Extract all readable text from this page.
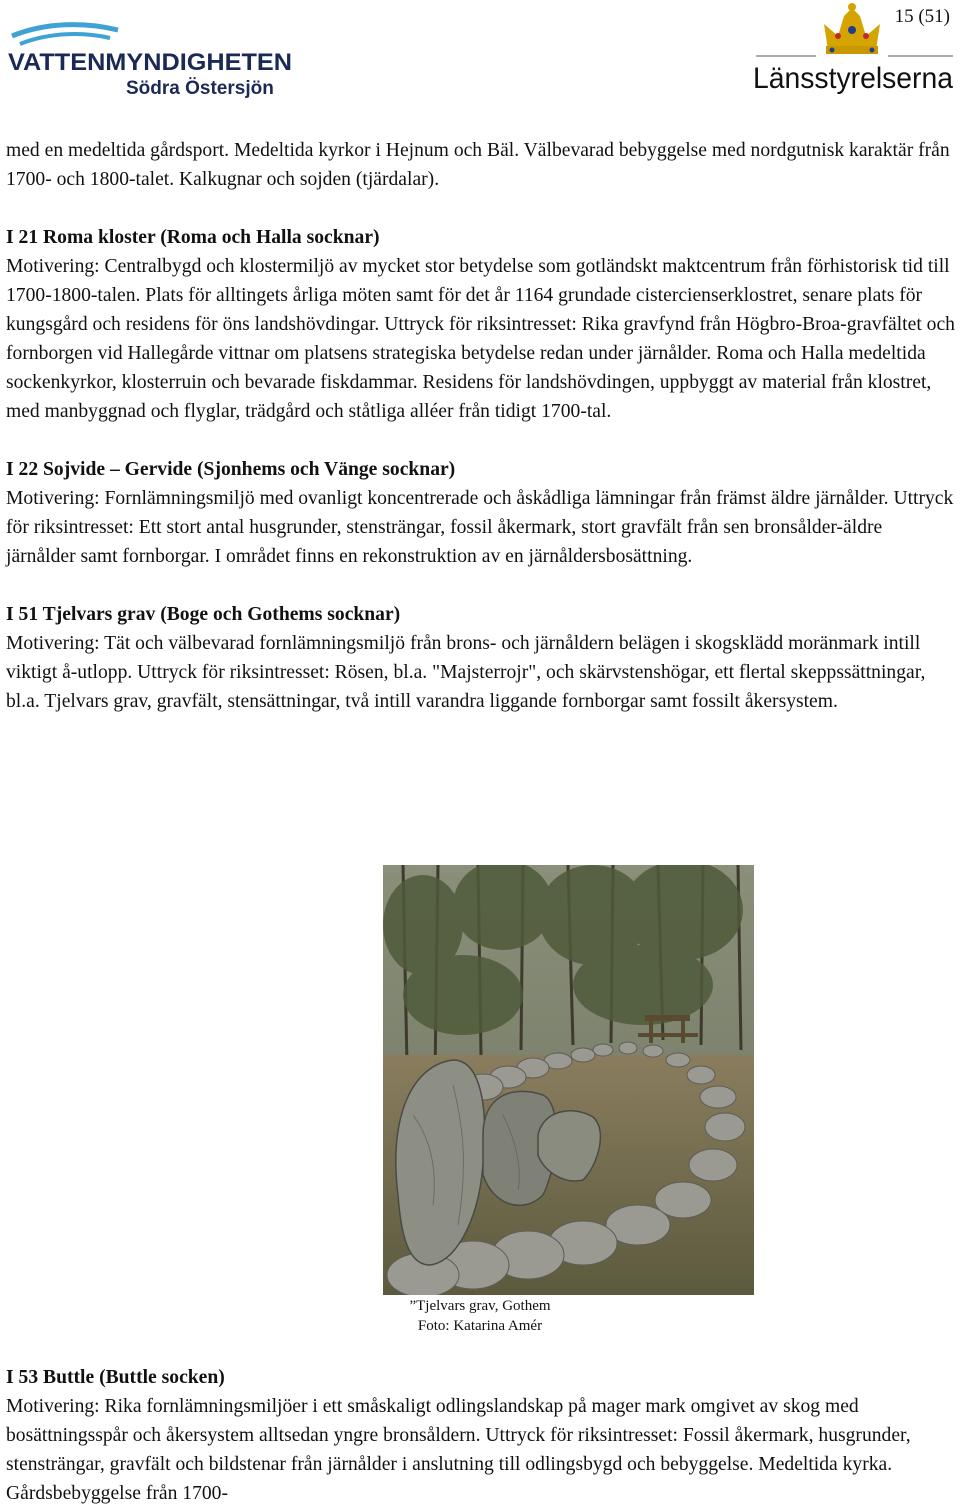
VATTENMYNDIGHETEN
Södra Östersjön
15 (51)
Länsstyrelserna

med en medeltida gårdsport. Medeltida kyrkor i Hejnum och Bäl. Välbevarad bebyggelse med nordgutnisk karaktär från 1700- och 1800-talet. Kalkugnar och sojden (tjärdalar).

I 21 Roma kloster (Roma och Halla socknar)
Motivering: Centralbygd och klostermiljö av mycket stor betydelse som gotländskt maktcentrum från förhistorisk tid till 1700-1800-talen. Plats för alltingets årliga möten samt för det år 1164 grundade cistercienserklostret, senare plats för kungsgård och residens för öns landshövdingar. Uttryck för riksintresset: Rika gravfynd från Högbro-Broa-gravfältet och fornborgen vid Hallegårde vittnar om platsens strategiska betydelse redan under järnålder. Roma och Halla medeltida sockenkyrkor, klosterruin och bevarade fiskdammar. Residens för landshövdingen, uppbyggt av material från klostret, med manbyggnad och flyglar, trädgård och ståtliga alléer från tidigt 1700-tal.

I 22 Sojvide – Gervide (Sjonhems och Vänge socknar)
Motivering: Fornlämningsmiljö med ovanligt koncentrerade och åskådliga lämningar från främst äldre järnålder. Uttryck för riksintresset: Ett stort antal husgrunder, stensträngar, fossil åkermark, stort gravfält från sen bronsålder-äldre järnålder samt fornborgar. I området finns en rekonstruktion av en järnåldersbosättning.

I 51 Tjelvars grav (Boge och Gothems socknar)
Motivering: Tät och välbevarad fornlämningsmiljö från brons- och järnåldern belägen i skogsklädd moränmark intill viktigt å-utlopp. Uttryck för riksintresset: Rösen, bl.a. "Majsterrojr", och skärvstenshögar, ett flertal skeppssättningar, bl.a. Tjelvars grav, gravfält, stensättningar, två intill varandra liggande fornborgar samt fossilt åkersystem.

”Tjelvars grav, Gothem
Foto: Katarina Amér
I 53 Buttle (Buttle socken)
Motivering: Rika fornlämningsmiljöer i ett småskaligt odlingslandskap på mager mark omgivet av skog med bosättningsspår och åkersystem alltsedan yngre bronsåldern. Uttryck för riksintresset: Fossil åkermark, husgrunder, stensträngar, gravfält och bildstenar från järnålder i anslutning till odlingsbygd och bebyggelse. Medeltida kyrka. Gårdsbebyggelse från 1700-
